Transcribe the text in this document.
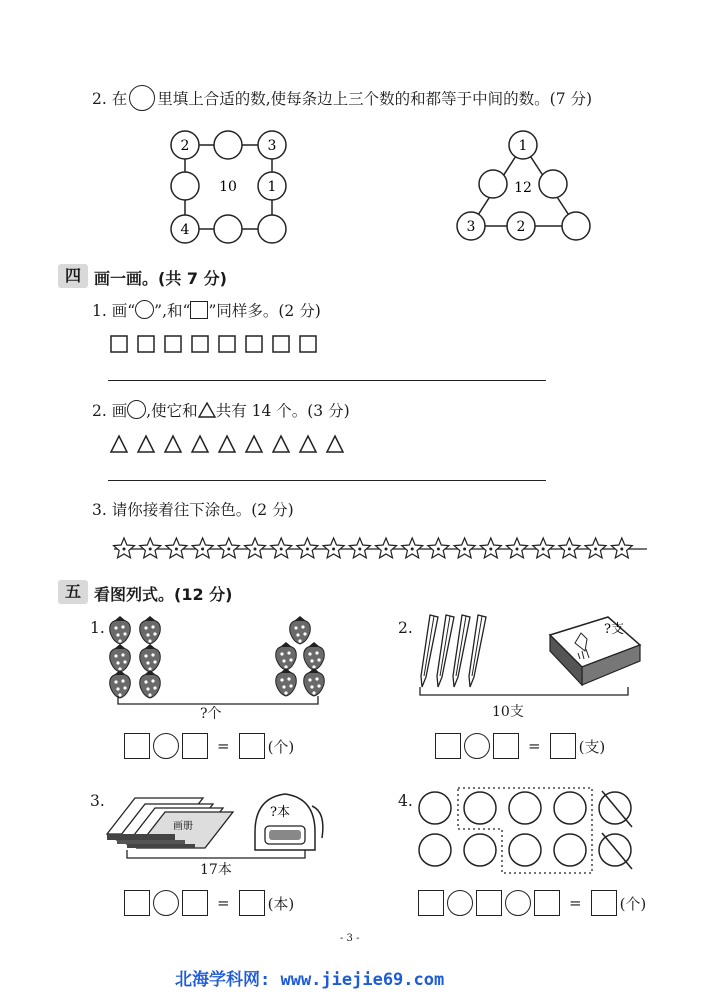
2. 在 里填上合适的数,使每条边上三个数的和都等于中间的数。(7 分)
2	3
1
4
10
1
3	2
12
四 画一画。(共 7 分)
1. 画“ ”,和“ ”同样多。(2 分)
2. 画 ,使它和 共有 14 个。(3 分)
3. 请你接着往下涂色。(2 分)
五 看图列式。(12 分)
1.
?个
=	(个)
2.	?支
10支
=	(支)
3.
画册
?本
17本
=	(本)
4.
=	(个)
- 3 -
北海学科网: www.jiejie69.com
